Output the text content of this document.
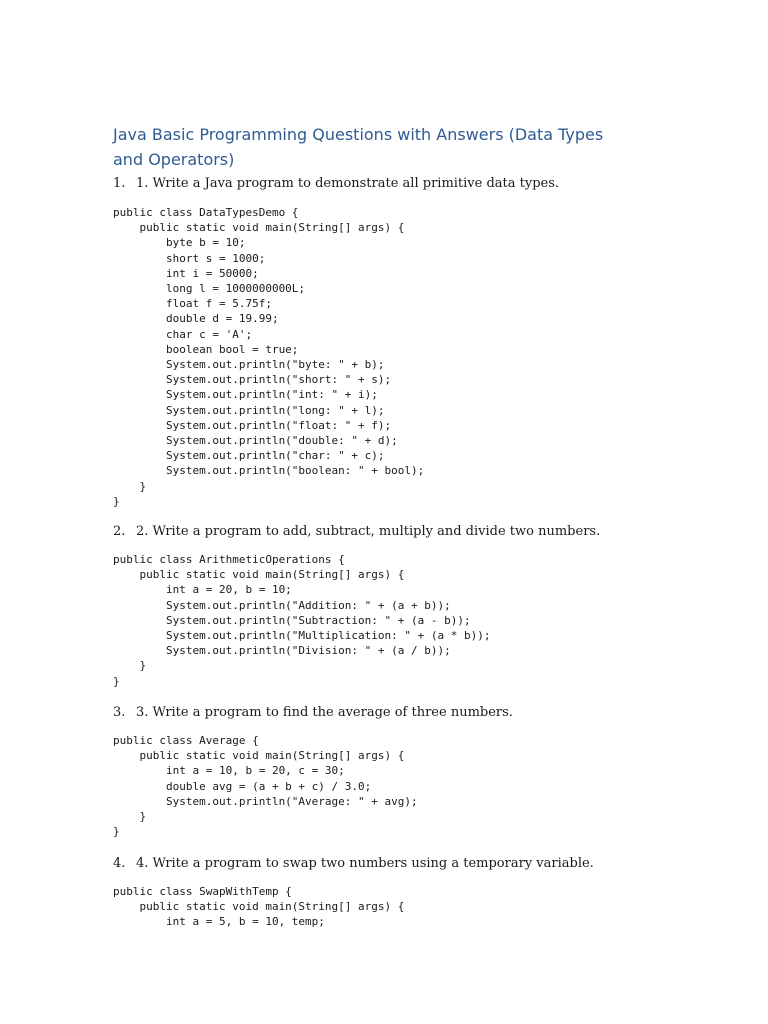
Java Basic Programming Questions with Answers (Data Types and Operators)
1. 1. Write a Java program to demonstrate all primitive data types.
public class DataTypesDemo {
public static void main(String[] args) {
byte b = 10;
short s = 1000;
int i = 50000;
long l = 1000000000L;
float f = 5.75f;
double d = 19.99;
char c = 'A';
boolean bool = true;
System.out.println("byte: " + b);
System.out.println("short: " + s);
System.out.println("int: " + i);
System.out.println("long: " + l);
System.out.println("float: " + f);
System.out.println("double: " + d);
System.out.println("char: " + c);
System.out.println("boolean: " + bool);
}
}
2. 2. Write a program to add, subtract, multiply and divide two numbers.
public class ArithmeticOperations {
public static void main(String[] args) {
int a = 20, b = 10;
System.out.println("Addition: " + (a + b));
System.out.println("Subtraction: " + (a - b));
System.out.println("Multiplication: " + (a * b));
System.out.println("Division: " + (a / b));
}
}
3. 3. Write a program to find the average of three numbers.
public class Average {
public static void main(String[] args) {
int a = 10, b = 20, c = 30;
double avg = (a + b + c) / 3.0;
System.out.println("Average: " + avg);
}
}
4. 4. Write a program to swap two numbers using a temporary variable.
public class SwapWithTemp {
public static void main(String[] args) {
int a = 5, b = 10, temp;
